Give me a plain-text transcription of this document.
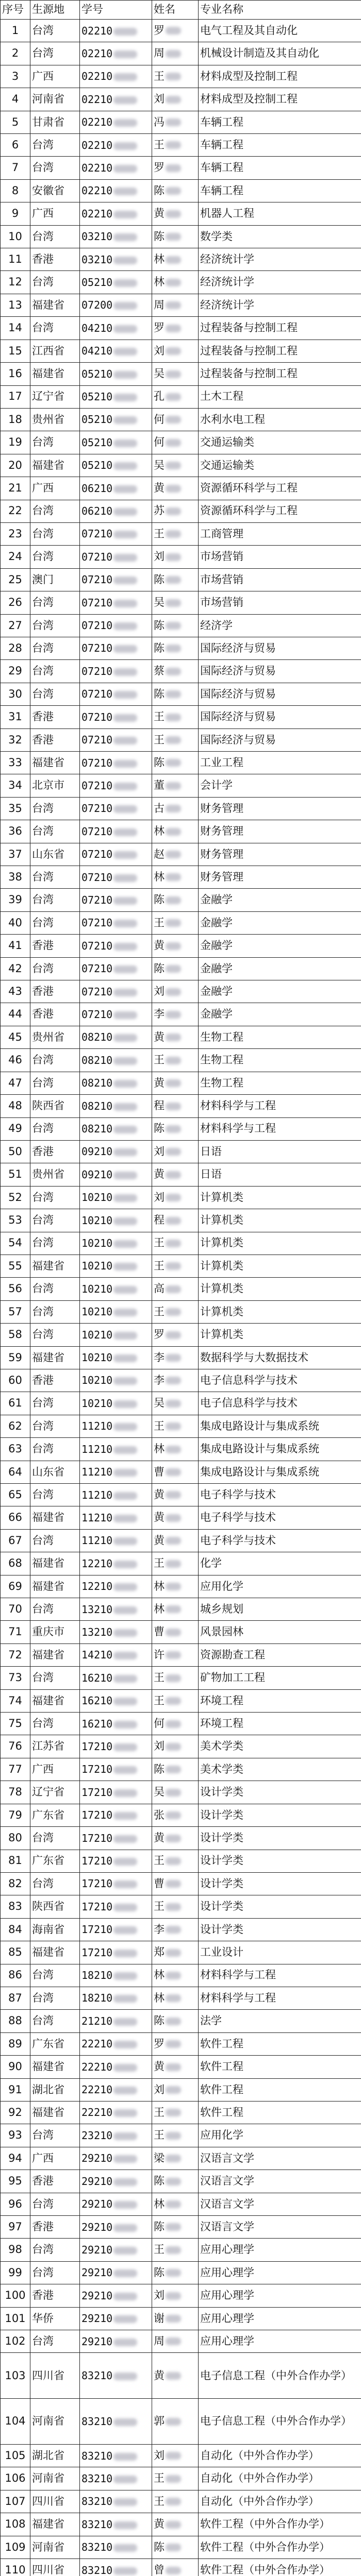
序号	生源地	学号	姓名	专业名称
1	台湾	02210	罗	电气工程及其自动化
2	台湾	02210	周	机械设计制造及其自动化
3	广西	02210	王	材料成型及控制工程
4	河南省	02210	刘	材料成型及控制工程
5	甘肃省	02210	冯	车辆工程
6	台湾	02210	王	车辆工程
7	台湾	02210	罗	车辆工程
8	安徽省	02210	陈	车辆工程
9	广西	02210	黄	机器人工程
10	台湾	03210	陈	数学类
11	香港	03210	林	经济统计学
12	台湾	05210	林	经济统计学
13	福建省	07200	周	经济统计学
14	台湾	04210	罗	过程装备与控制工程
15	江西省	04210	刘	过程装备与控制工程
16	福建省	05210	吴	过程装备与控制工程
17	辽宁省	05210	孔	土木工程
18	贵州省	05210	何	水利水电工程
19	台湾	05210	何	交通运输类
20	福建省	05210	吴	交通运输类
21	广西	06210	黄	资源循环科学与工程
22	台湾	06210	苏	资源循环科学与工程
23	台湾	07210	王	工商管理
24	台湾	07210	刘	市场营销
25	澳门	07210	陈	市场营销
26	台湾	07210	吴	市场营销
27	台湾	07210	陈	经济学
28	台湾	07210	陈	国际经济与贸易
29	台湾	07210	蔡	国际经济与贸易
30	台湾	07210	陈	国际经济与贸易
31	香港	07210	王	国际经济与贸易
32	香港	07210	王	国际经济与贸易
33	福建省	07210	陈	工业工程
34	北京市	07210	董	会计学
35	台湾	07210	古	财务管理
36	台湾	07210	林	财务管理
37	山东省	07210	赵	财务管理
38	台湾	07210	林	财务管理
39	台湾	07210	陈	金融学
40	台湾	07210	王	金融学
41	香港	07210	黄	金融学
42	台湾	07210	陈	金融学
43	香港	07210	刘	金融学
44	香港	07210	李	金融学
45	贵州省	08210	黄	生物工程
46	台湾	08210	王	生物工程
47	台湾	08210	黄	生物工程
48	陕西省	08210	程	材料科学与工程
49	台湾	08210	陈	材料科学与工程
50	香港	09210	刘	日语
51	贵州省	09210	黄	日语
52	台湾	10210	刘	计算机类
53	台湾	10210	程	计算机类
54	台湾	10210	王	计算机类
55	福建省	10210	王	计算机类
56	台湾	10210	高	计算机类
57	台湾	10210	王	计算机类
58	台湾	10210	罗	计算机类
59	福建省	10210	李	数据科学与大数据技术
60	香港	10210	李	电子信息科学与技术
61	台湾	10210	吴	电子信息科学与技术
62	台湾	11210	王	集成电路设计与集成系统
63	台湾	11210	林	集成电路设计与集成系统
64	山东省	11210	曹	集成电路设计与集成系统
65	台湾	11210	黄	电子科学与技术
66	福建省	11210	黄	电子科学与技术
67	台湾	11210	黄	电子科学与技术
68	福建省	12210	王	化学
69	福建省	12210	林	应用化学
70	台湾	13210	林	城乡规划
71	重庆市	13210	曹	风景园林
72	福建省	14210	许	资源勘查工程
73	台湾	16210	王	矿物加工工程
74	福建省	16210	王	环境工程
75	台湾	16210	何	环境工程
76	江苏省	17210	刘	美术学类
77	广西	17210	陈	美术学类
78	辽宁省	17210	吴	设计学类
79	广东省	17210	张	设计学类
80	台湾	17210	黄	设计学类
81	广东省	17210	王	设计学类
82	台湾	17210	曹	设计学类
83	陕西省	17210	王	设计学类
84	海南省	17210	李	设计学类
85	福建省	17210	郑	工业设计
86	台湾	18210	林	材料科学与工程
87	台湾	18210	林	材料科学与工程
88	台湾	21210	陈	法学
89	广东省	22210	罗	软件工程
90	福建省	22210	黄	软件工程
91	湖北省	22210	刘	软件工程
92	福建省	22210	王	软件工程
93	台湾	23210	王	应用化学
94	广西	29210	梁	汉语言文学
95	香港	29210	陈	汉语言文学
96	台湾	29210	林	汉语言文学
97	香港	29210	陈	汉语言文学
98	台湾	29210	王	应用心理学
99	台湾	29210	陈	应用心理学
100	香港	29210	刘	应用心理学
101	华侨	29210	谢	应用心理学
102	台湾	29210	周	应用心理学
103	四川省	83210	黄	电子信息工程（中外合作办学）
104	河南省	83210	郭	电子信息工程（中外合作办学）
105	湖北省	83210	刘	自动化（中外合作办学）
106	河南省	83210	王	自动化（中外合作办学）
107	四川省	83210	王	自动化（中外合作办学）
108	福建省	83210	黄	软件工程（中外合作办学）
109	河南省	83210	陈	软件工程（中外合作办学）
110	四川省	83210	曾	软件工程（中外合作办学）
